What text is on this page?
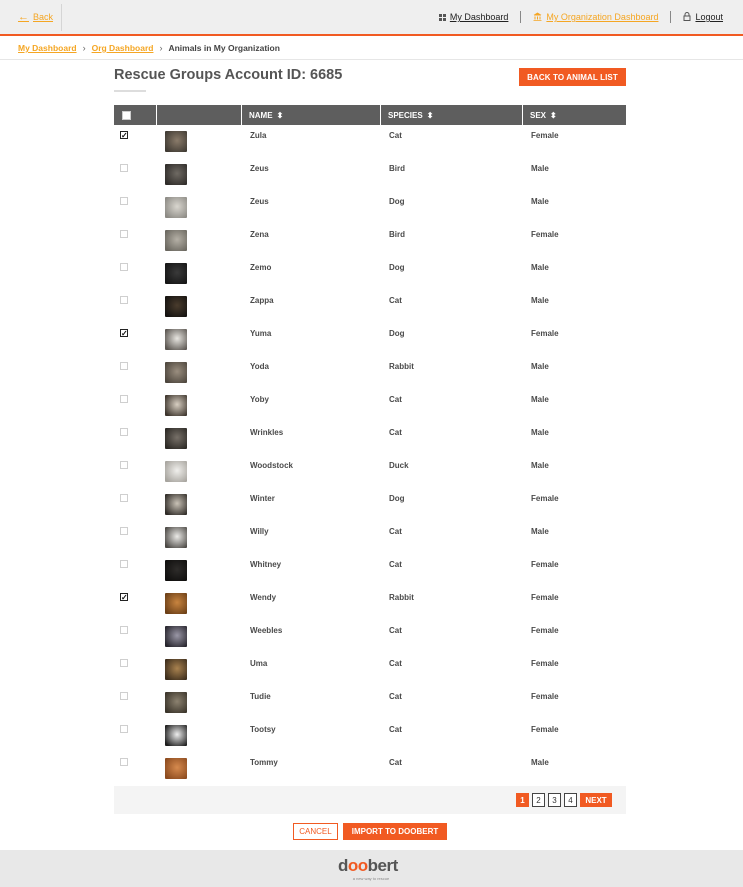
← Back	My Dashboard	My Organization Dashboard	Logout
My Dashboard › Org Dashboard › Animals in My Organization
Rescue Groups Account ID: 6685	BACK TO ANIMAL LIST
NAME ⬍	SPECIES ⬍	SEX ⬍
✓	Zula	Cat	Female
Zeus	Bird	Male
Zeus	Dog	Male
Zena	Bird	Female
Zemo	Dog	Male
Zappa	Cat	Male
✓	Yuma	Dog	Female
Yoda	Rabbit	Male
Yoby	Cat	Male
Wrinkles	Cat	Male
Woodstock	Duck	Male
Winter	Dog	Female
Willy	Cat	Male
Whitney	Cat	Female
✓	Wendy	Rabbit	Female
Weebles	Cat	Female
Uma	Cat	Female
Tudie	Cat	Female
Tootsy	Cat	Female
Tommy	Cat	Male
1	2	3	4	NEXT
CANCEL	IMPORT TO DOOBERT
doobert
a new way to rescue
